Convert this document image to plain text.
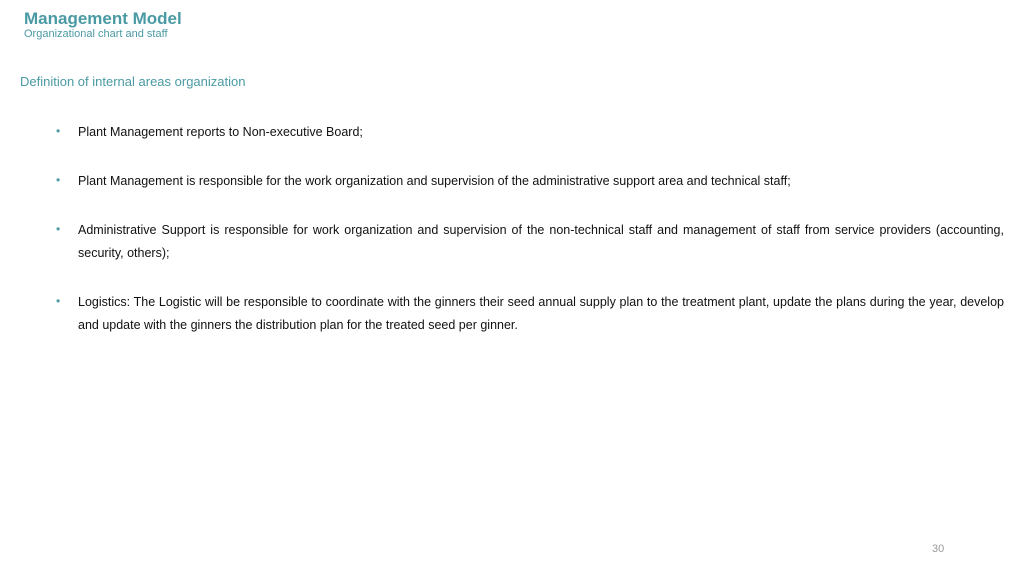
Management Model
Organizational chart and staff
Definition of internal areas organization
• Plant Management reports to Non-executive Board;
• Plant Management is responsible for the work organization and supervision of the administrative support area and technical staff;
• Administrative Support is responsible for work organization and supervision of the non-technical staff and management of staff from service providers (accounting, security, others);
• Logistics: The Logistic will be responsible to coordinate with the ginners their seed annual supply plan to the treatment plant, update the plans during the year, develop and update with the ginners the distribution plan for the treated seed per ginner.
30
